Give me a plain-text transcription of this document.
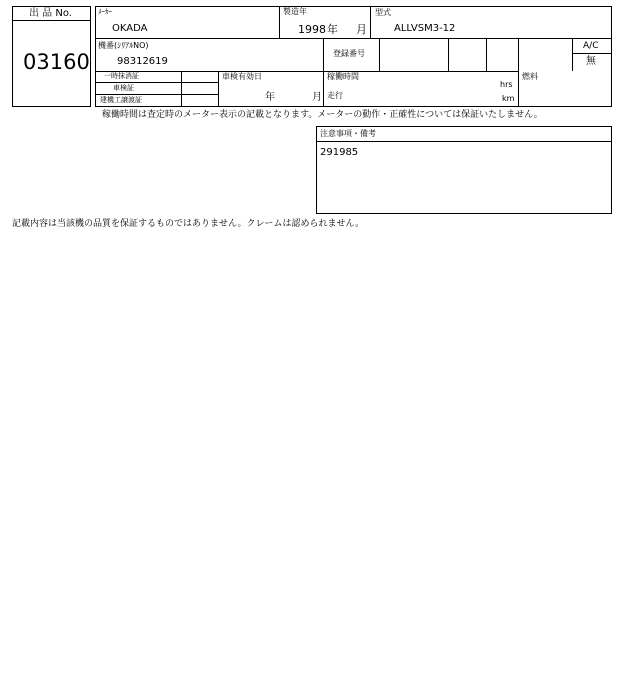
出 品 No.
03160
ﾒｰｶｰ
OKADA
製造年
1998 年 月
型式
ALLVSM3-12
機番(ｼﾘｱﾙNO)
98312619
登録番号
A/C
無
一時抹消証
車検証
建機工譲渡証
車検有効日
年	月
稼働時間
hrs
走行	km
燃料
稼働時間は査定時のメーター表示の記載となります。メーターの動作・正確性については保証いたしません。
注意事項・備考
291985
記載内容は当該機の品質を保証するものではありません。クレームは認められません。
